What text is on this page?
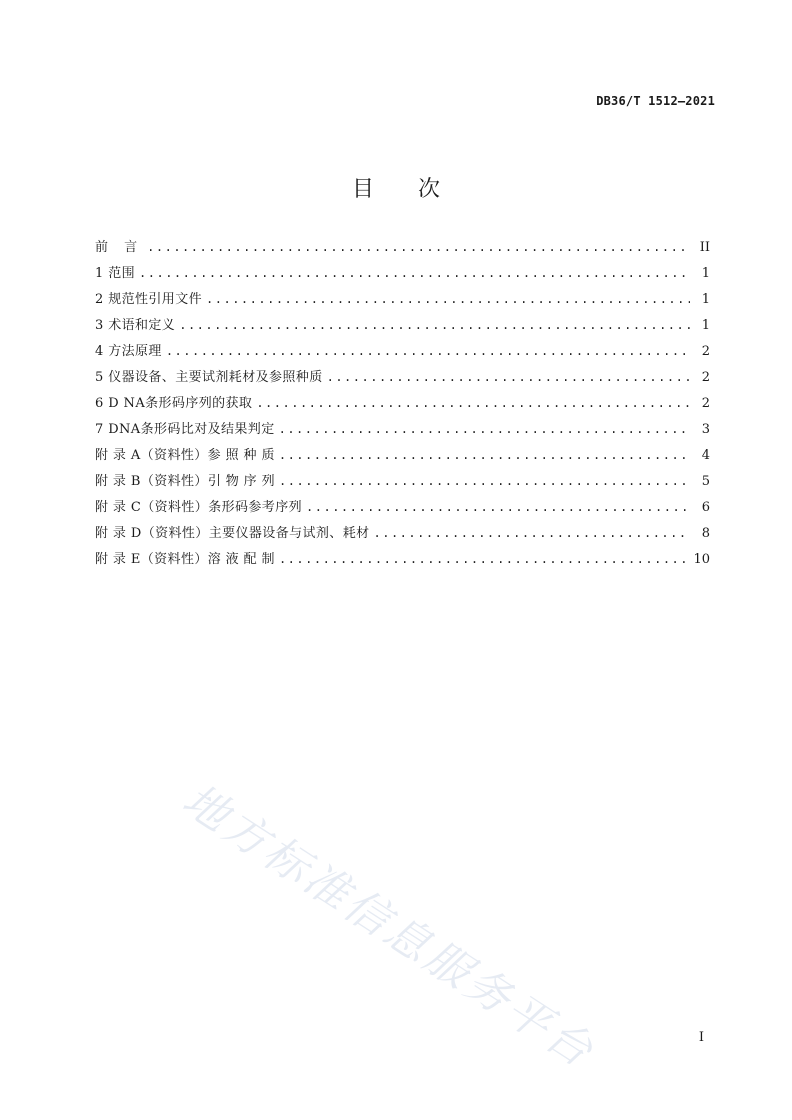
DB36/T 1512—2021
目 次
前 言 .....	II
1 范围 .....	1
2 规范性引用文件 .....	1
3 术语和定义 .....	1
4 方法原理 .....	2
5 仪器设备、主要试剂耗材及参照种质 .....	2
6 D NA条形码序列的获取 .....	2
7 DNA条形码比对及结果判定 .....	3
附 录 A（资料性）参 照 种 质 .....	4
附 录 B（资料性）引 物 序 列 .....	5
附 录 C（资料性）条形码参考序列 .....	6
附 录 D（资料性）主要仪器设备与试剂、耗材 .....	8
附 录 E（资料性）溶 液 配 制 .....	10
地方标准信息服务平台	I
